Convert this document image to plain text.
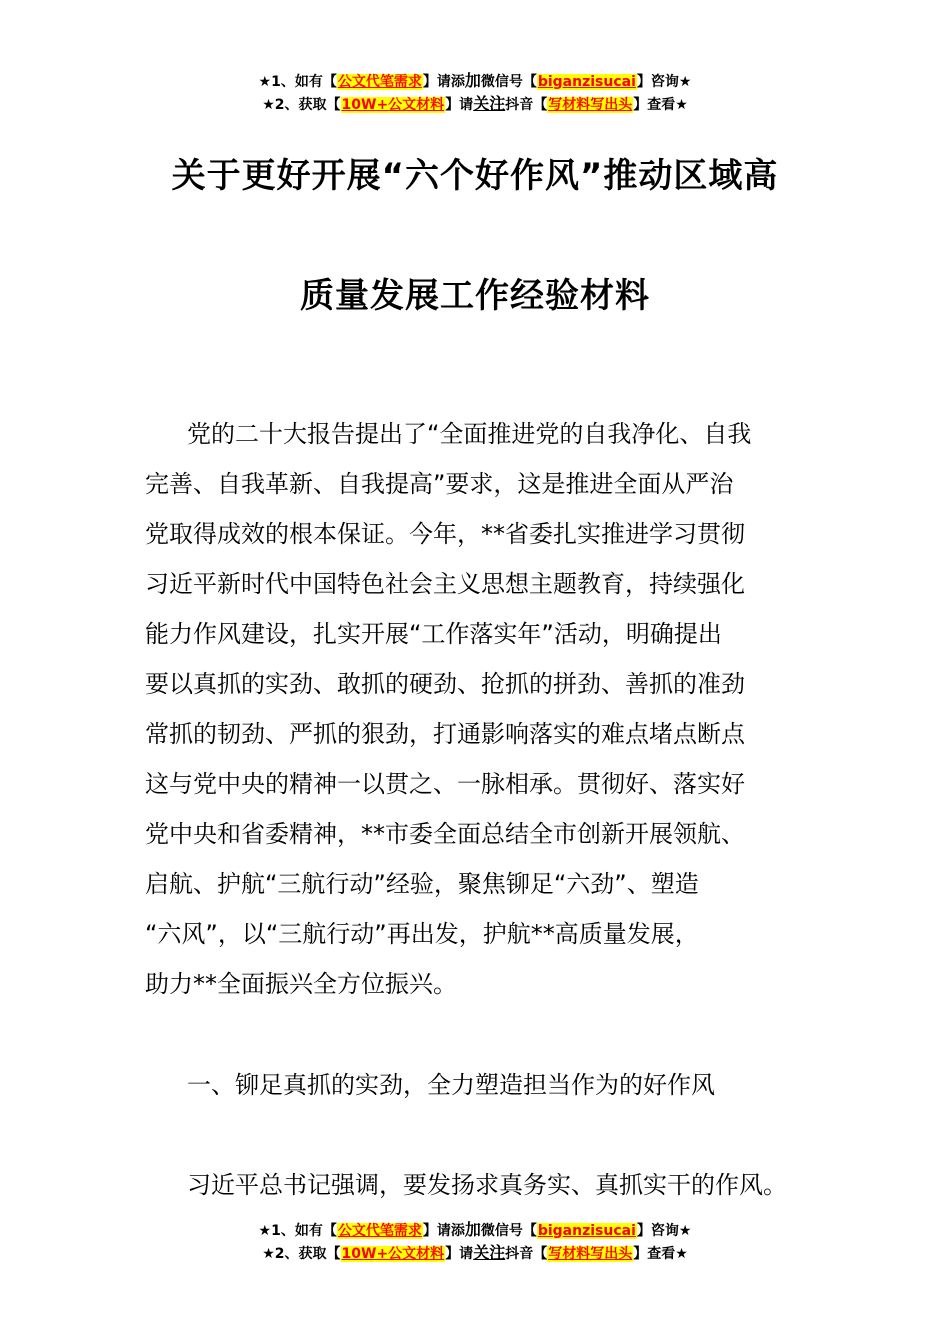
★1、如有【公文代笔需求】请添加微信号【biganzisucai】咨询★
★2、获取【10W+公文材料】请关注抖音【写材料写出头】查看★
关于更好开展“六个好作风”推动区域高
质量发展工作经验材料
党的二十大报告提出了“全面推进党的自我净化、自我
完善、自我革新、自我提高”要求，这是推进全面从严治
党取得成效的根本保证。今年，**省委扎实推进学习贯彻
习近平新时代中国特色社会主义思想主题教育，持续强化
能力作风建设，扎实开展“工作落实年”活动，明确提出
要以真抓的实劲、敢抓的硬劲、抢抓的拼劲、善抓的准劲
常抓的韧劲、严抓的狠劲，打通影响落实的难点堵点断点
这与党中央的精神一以贯之、一脉相承。贯彻好、落实好
党中央和省委精神，**市委全面总结全市创新开展领航、
启航、护航“三航行动”经验，聚焦铆足“六劲”、塑造
“六风”，以“三航行动”再出发，护航**高质量发展，
助力**全面振兴全方位振兴。
一、铆足真抓的实劲，全力塑造担当作为的好作风
习近平总书记强调，要发扬求真务实、真抓实干的作风。
★1、如有【公文代笔需求】请添加微信号【biganzisucai】咨询★
★2、获取【10W+公文材料】请关注抖音【写材料写出头】查看★
